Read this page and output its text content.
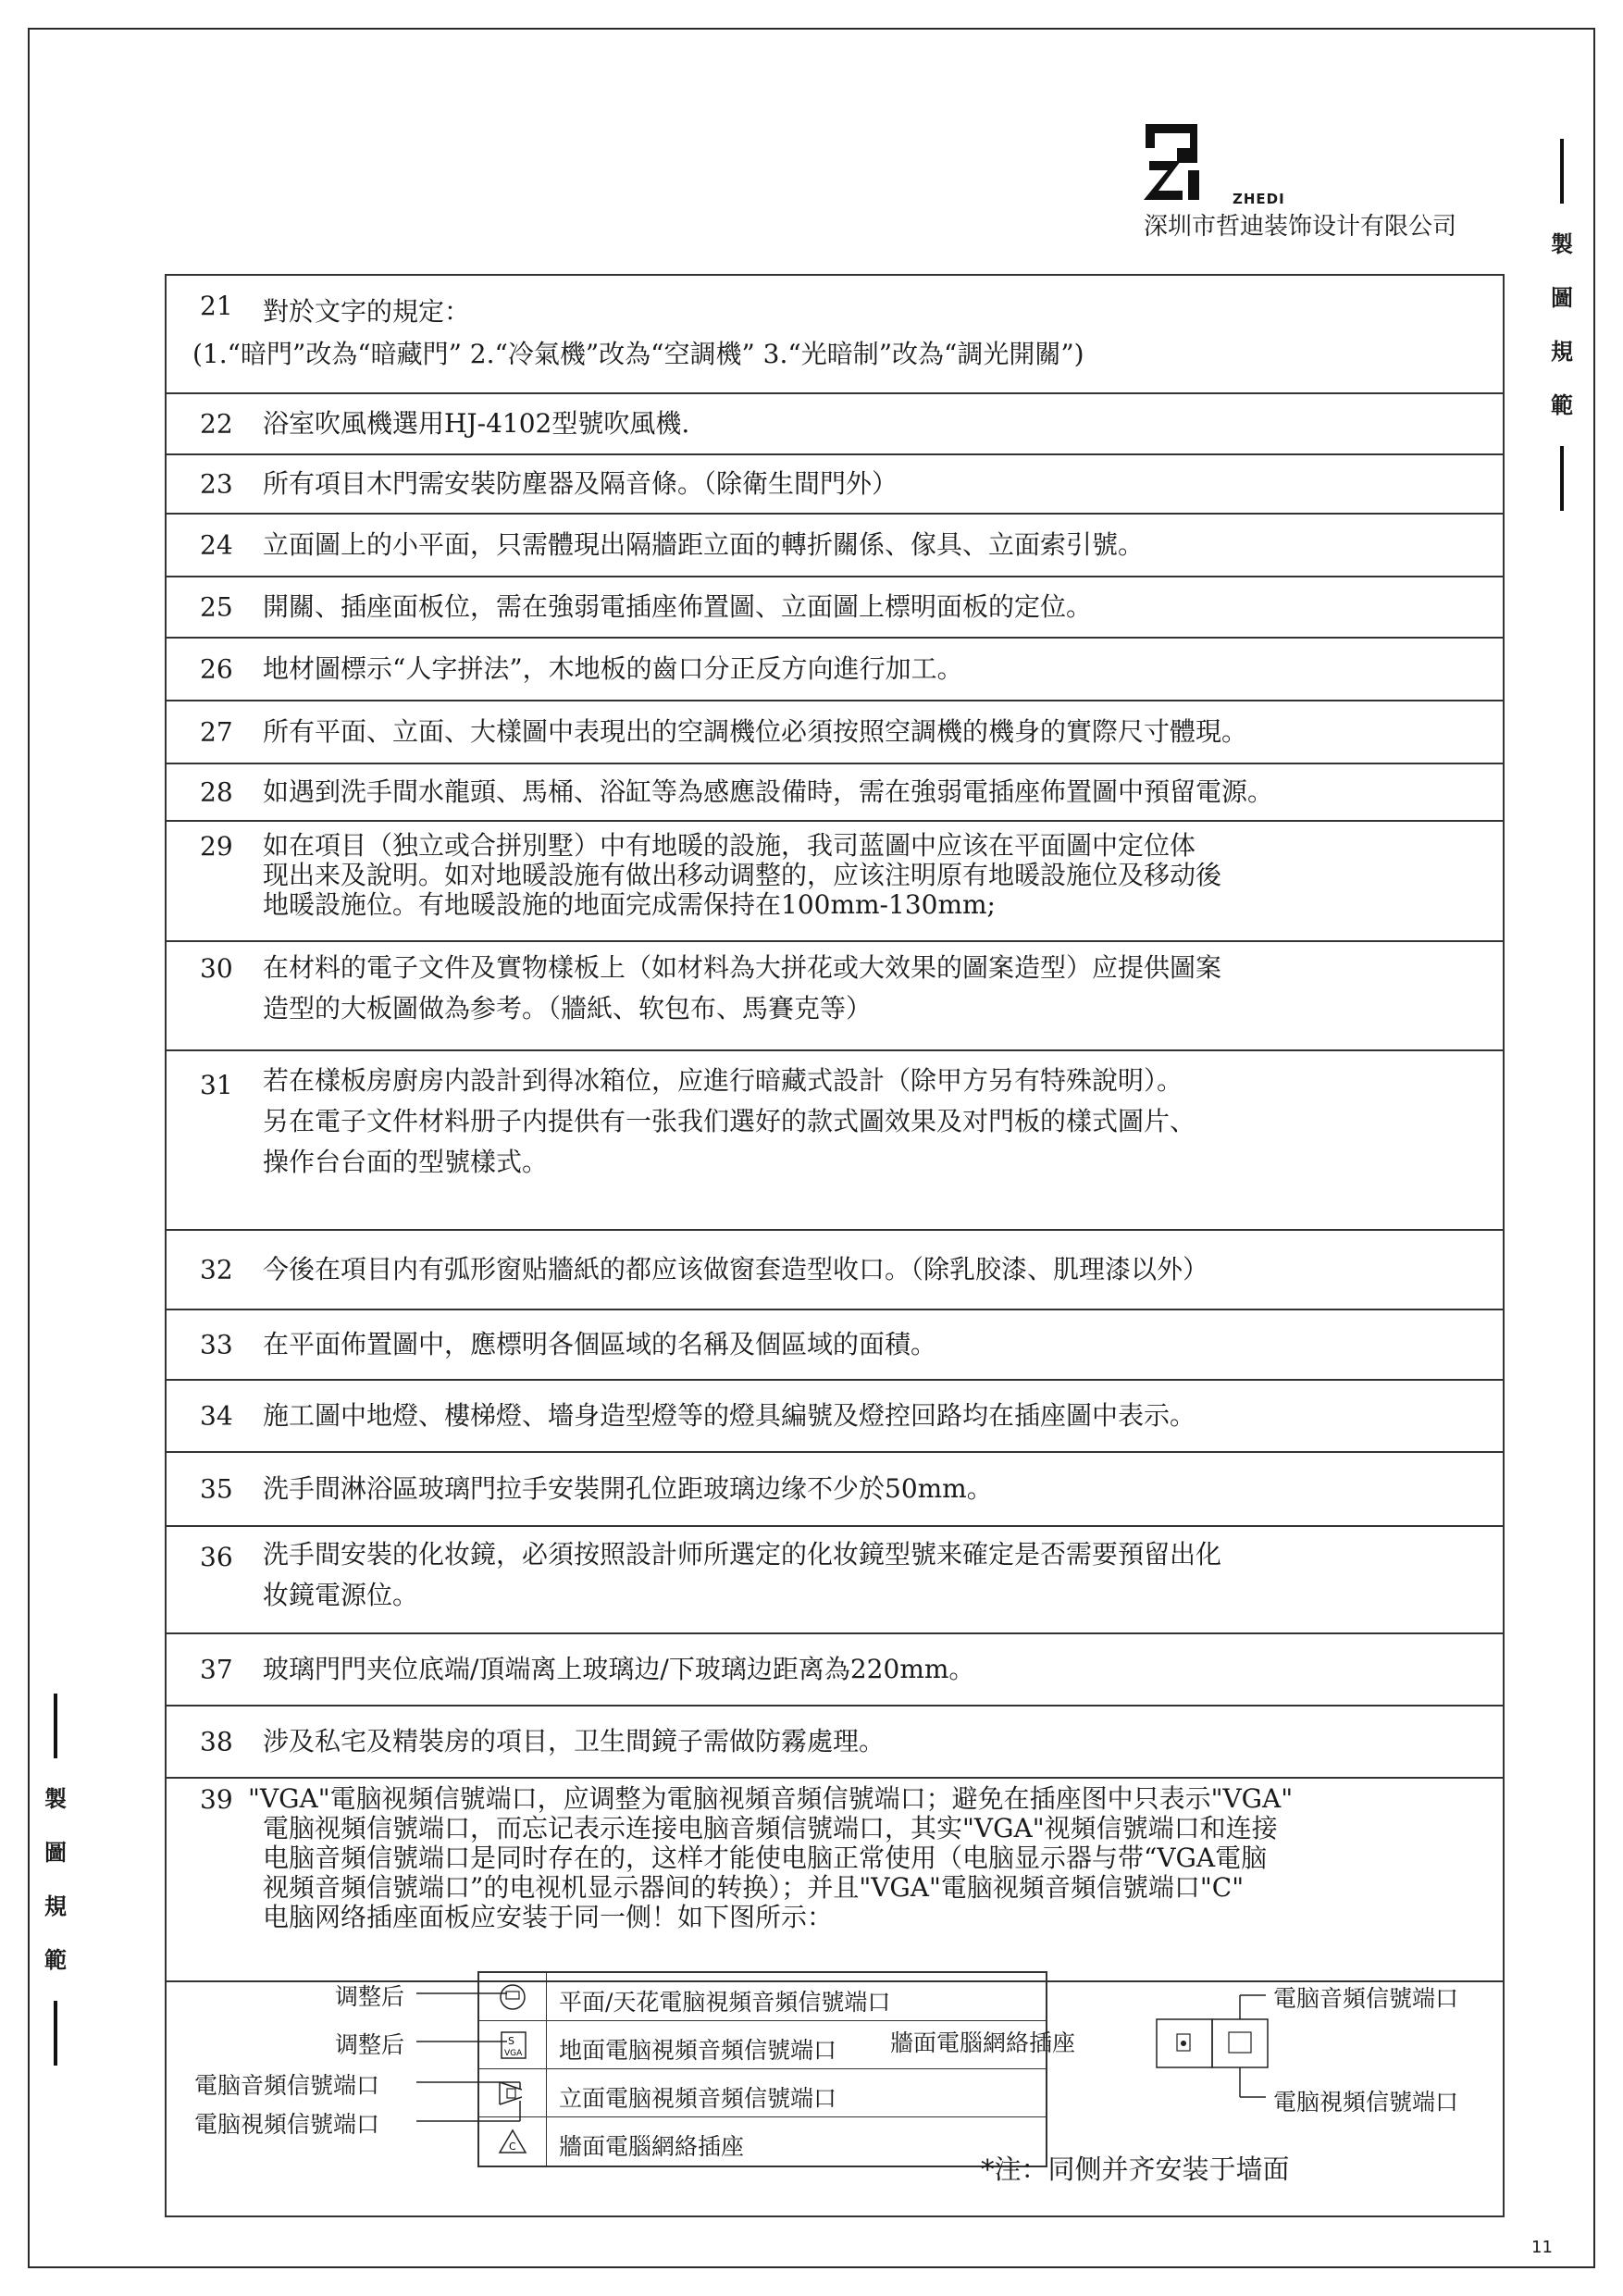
ZHEDI
深圳市哲迪装饰设计有限公司
製
圖
規
範
製
圖
規
範
21	對於文字的規定：
(1.“暗門”改為“暗藏門” 2.“冷氣機”改為“空調機” 3.“光暗制”改為“調光開關”)
22 浴室吹風機選用HJ-4102型號吹風機.
23 所有項目木門需安裝防塵器及隔音條。（除衛生間門外）
24 立面圖上的小平面，只需體現出隔牆距立面的轉折關係、傢具、立面索引號。
25 開關、插座面板位，需在強弱電插座佈置圖、立面圖上標明面板的定位。
26 地材圖標示“人字拼法”，木地板的齒口分正反方向進行加工。
27 所有平面、立面、大樣圖中表現出的空調機位必須按照空調機的機身的實際尺寸體現。
28 如遇到洗手間水龍頭、馬桶、浴缸等為感應設備時，需在強弱電插座佈置圖中預留電源。
29 如在項目（独立或合拼別墅）中有地暖的設施，我司蓝圖中应该在平面圖中定位体
现出来及說明。如对地暖設施有做出移动调整的，应该注明原有地暖設施位及移动後
地暖設施位。有地暖設施的地面完成需保持在100mm-130mm;
30 在材料的電子文件及實物樣板上（如材料為大拼花或大效果的圖案造型）应提供圖案
造型的大板圖做為参考。（牆紙、软包布、馬賽克等）
31 若在樣板房廚房内設計到得冰箱位，应進行暗藏式設計（除甲方另有特殊說明）。
另在電子文件材料册子内提供有一张我们選好的款式圖效果及对門板的樣式圖片、
操作台台面的型號樣式。
32 今後在項目内有弧形窗贴牆紙的都应该做窗套造型收口。（除乳胶漆、肌理漆以外）
33 在平面佈置圖中，應標明各個區域的名稱及個區域的面積。
34 施工圖中地燈、樓梯燈、墻身造型燈等的燈具編號及燈控回路均在插座圖中表示。
35 洗手間淋浴區玻璃門拉手安裝開孔位距玻璃边缘不少於50mm。
36 洗手間安裝的化妆鏡，必須按照設計师所選定的化妆鏡型號来確定是否需要預留出化
妆鏡電源位。
37 玻璃門門夹位底端/頂端离上玻璃边/下玻璃边距离為220mm。
38 涉及私宅及精裝房的項目，卫生間鏡子需做防霧處理。
39 "VGA"電脑视頻信號端口，应调整为電脑视頻音頻信號端口；避免在插座图中只表示"VGA"
電脑视頻信號端口，而忘记表示连接电脑音頻信號端口，其实"VGA"视頻信號端口和连接
电脑音頻信號端口是同时存在的，这样才能使电脑正常使用（电脑显示器与带“VGA電脑
视頻音頻信號端口”的电视机显示器间的转换）；并且"VGA"電脑视頻音頻信號端口"C"
电脑网络插座面板应安装于同一侧！如下图所示：
平面/天花電脑視頻音頻信號端口
S
VGA 地面電脑視頻音頻信號端口
立面電脑視頻音頻信號端口
C 牆面電腦網絡插座
调整后
调整后
電脑音頻信號端口
電脑視頻信號端口
牆面電腦網絡插座
電脑音頻信號端口
電脑視頻信號端口
*注：同侧并齐安装于墙面
11
